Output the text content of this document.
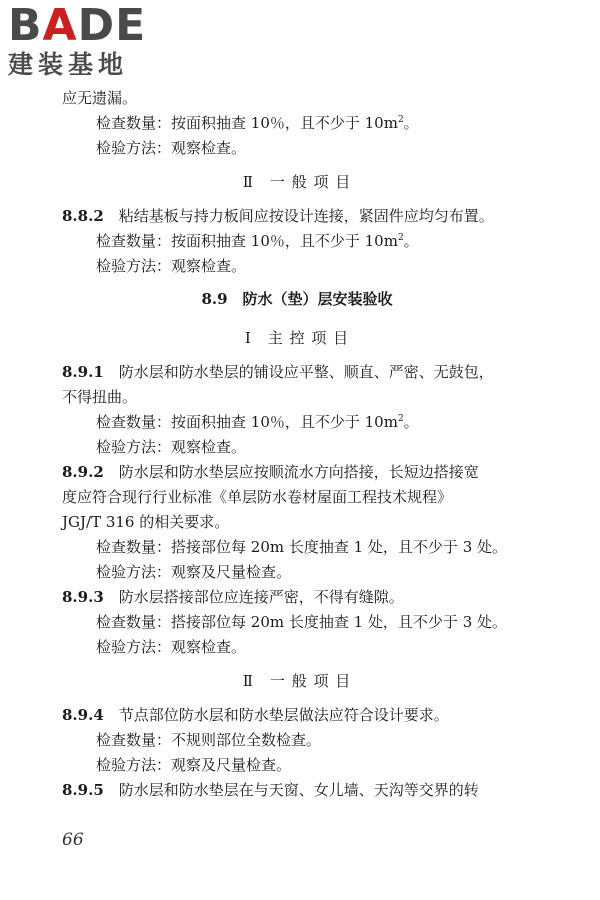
BADE
建装基地
应无遗漏。
检查数量：按面积抽查 10％，且不少于 $10m^2$。
检验方法：观察检查。
Ⅱ　一 般 项 目
8.8.2　 粘结基板与持力板间应按设计连接，紧固件应均匀布置。
检查数量：按面积抽查 10％，且不少于 $10m^2$。
检验方法：观察检查。
8.9　防水（垫）层安装验收
Ⅰ　主 控 项 目
8.9.1　 防水层和防水垫层的铺设应平整、顺直、严密、无鼓包，
不得扭曲。
检查数量：按面积抽查 10％，且不少于 $10m^2$。
检验方法：观察检查。
8.9.2　 防水层和防水垫层应按顺流水方向搭接，长短边搭接宽
度应符合现行行业标准《单层防水卷材屋面工程技术规程》
JGJ/T 316 的相关要求。
检查数量：搭接部位每 20m 长度抽查 1 处，且不少于 3 处。
检验方法：观察及尺量检查。
8.9.3　 防水层搭接部位应连接严密，不得有缝隙。
检查数量：搭接部位每 20m 长度抽查 1 处，且不少于 3 处。
检验方法：观察检查。
Ⅱ　一 般 项 目
8.9.4　 节点部位防水层和防水垫层做法应符合设计要求。
检查数量：不规则部位全数检查。
检验方法：观察及尺量检查。
8.9.5　 防水层和防水垫层在与天窗、女儿墙、天沟等交界的转
66
